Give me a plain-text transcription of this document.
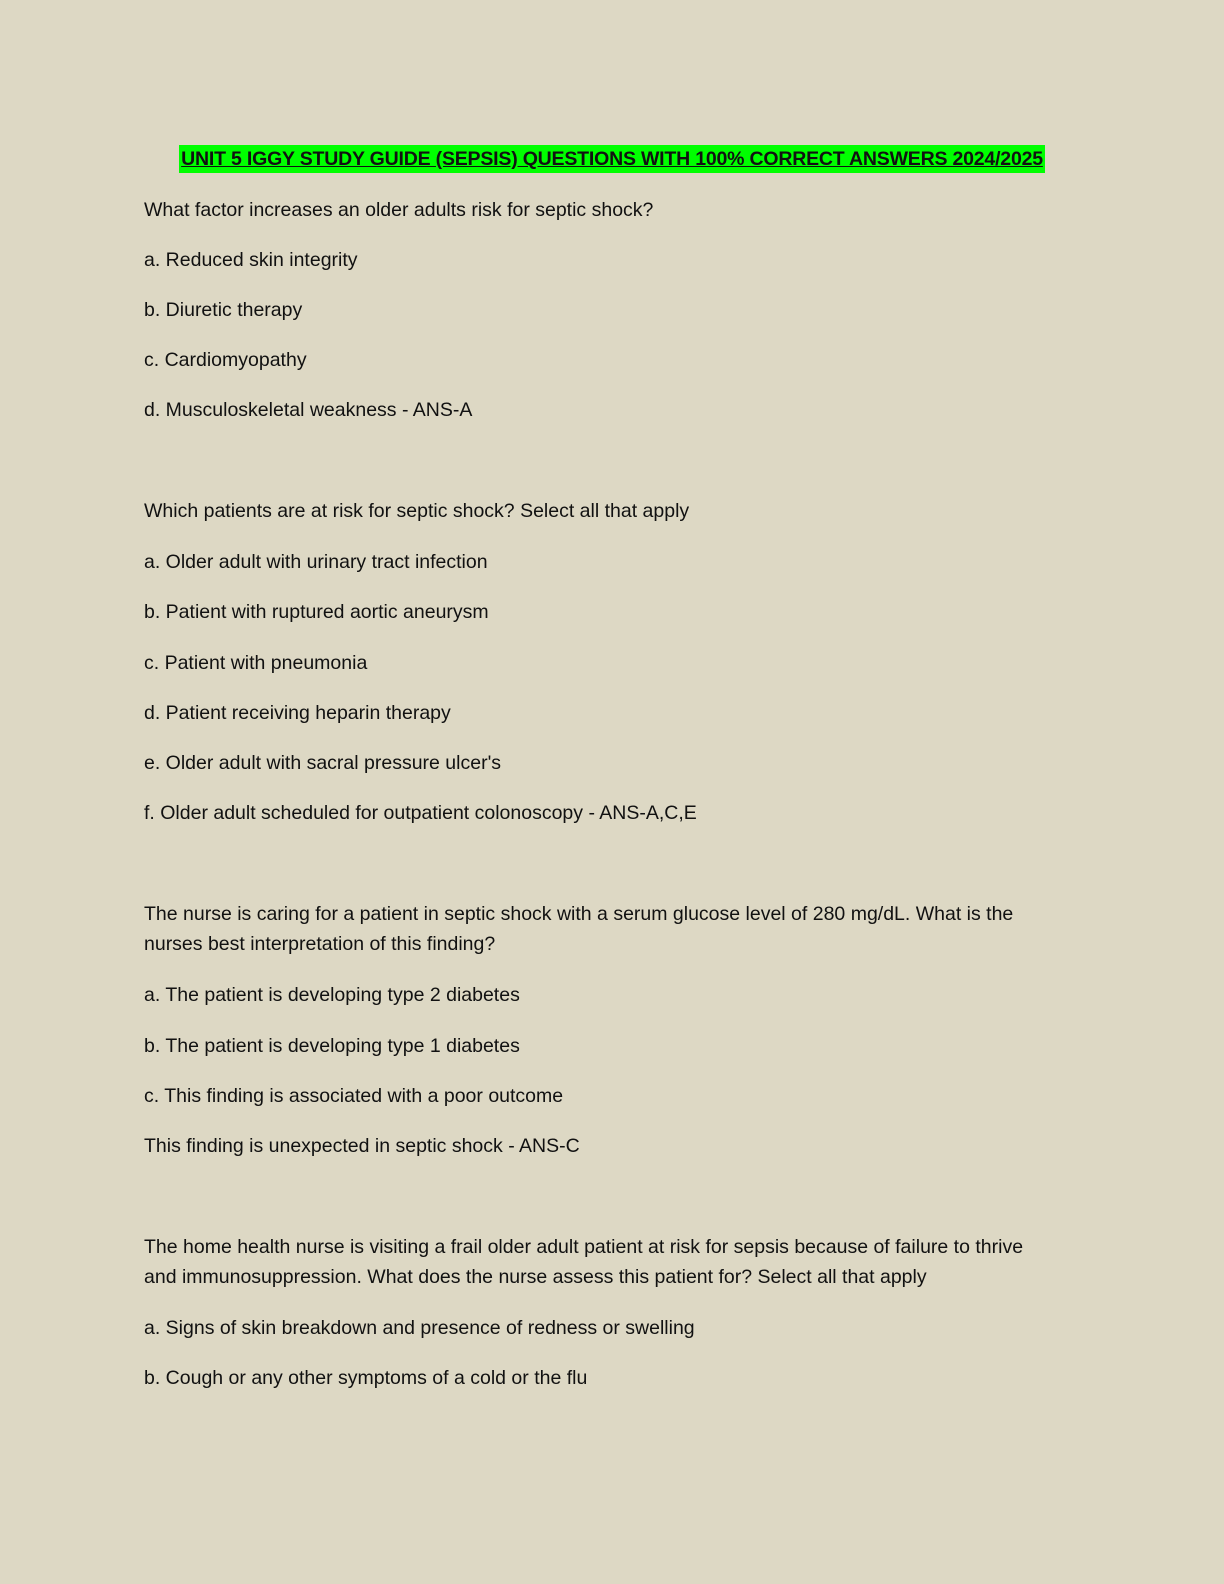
UNIT 5 IGGY STUDY GUIDE (SEPSIS) QUESTIONS WITH 100% CORRECT ANSWERS 2024/2025
What factor increases an older adults risk for septic shock?
a. Reduced skin integrity
b. Diuretic therapy
c. Cardiomyopathy
d. Musculoskeletal weakness - ANS-A
Which patients are at risk for septic shock? Select all that apply
a. Older adult with urinary tract infection
b. Patient with ruptured aortic aneurysm
c. Patient with pneumonia
d. Patient receiving heparin therapy
e. Older adult with sacral pressure ulcer's
f. Older adult scheduled for outpatient colonoscopy - ANS-A,C,E
The nurse is caring for a patient in septic shock with a serum glucose level of 280 mg/dL. What is the
nurses best interpretation of this finding?
a. The patient is developing type 2 diabetes
b. The patient is developing type 1 diabetes
c. This finding is associated with a poor outcome
This finding is unexpected in septic shock - ANS-C
The home health nurse is visiting a frail older adult patient at risk for sepsis because of failure to thrive
and immunosuppression. What does the nurse assess this patient for? Select all that apply
a. Signs of skin breakdown and presence of redness or swelling
b. Cough or any other symptoms of a cold or the flu
